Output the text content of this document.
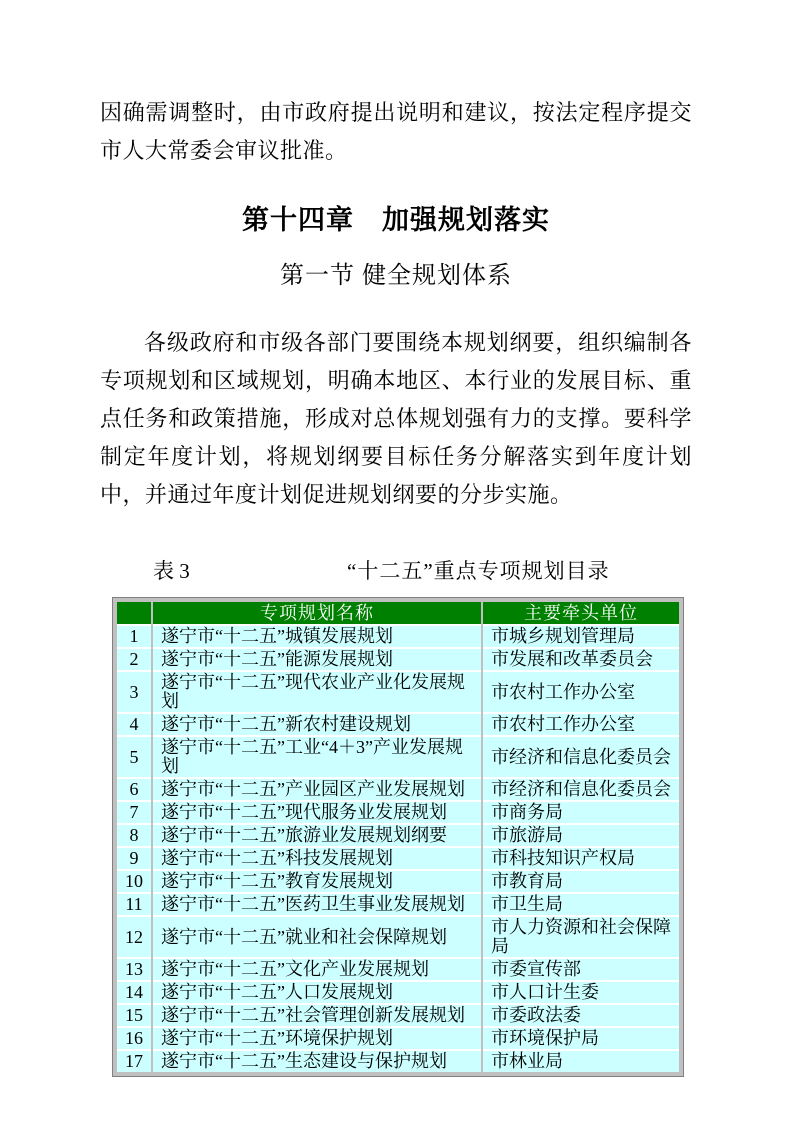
因确需调整时，由市政府提出说明和建议，按法定程序提交市人大常委会审议批准。

第十四章　加强规划落实
第一节 健全规划体系

各级政府和市级各部门要围绕本规划纲要，组织编制各专项规划和区域规划，明确本地区、本行业的发展目标、重点任务和政策措施，形成对总体规划强有力的支撑。要科学制定年度计划，将规划纲要目标任务分解落实到年度计划中，并通过年度计划促进规划纲要的分步实施。

表 3	“十二五”重点专项规划目录
	专项规划名称	主要牵头单位
1	遂宁市“十二五”城镇发展规划	市城乡规划管理局
2	遂宁市“十二五”能源发展规划	市发展和改革委员会
3	遂宁市“十二五”现代农业产业化发展规划	市农村工作办公室
4	遂宁市“十二五”新农村建设规划	市农村工作办公室
5	遂宁市“十二五”工业“4＋3”产业发展规划	市经济和信息化委员会
6	遂宁市“十二五”产业园区产业发展规划	市经济和信息化委员会
7	遂宁市“十二五”现代服务业发展规划	市商务局
8	遂宁市“十二五”旅游业发展规划纲要	市旅游局
9	遂宁市“十二五”科技发展规划	市科技知识产权局
10	遂宁市“十二五”教育发展规划	市教育局
11	遂宁市“十二五”医药卫生事业发展规划	市卫生局
12	遂宁市“十二五”就业和社会保障规划	市人力资源和社会保障局
13	遂宁市“十二五”文化产业发展规划	市委宣传部
14	遂宁市“十二五”人口发展规划	市人口计生委
15	遂宁市“十二五”社会管理创新发展规划	市委政法委
16	遂宁市“十二五”环境保护规划	市环境保护局
17	遂宁市“十二五”生态建设与保护规划	市林业局
